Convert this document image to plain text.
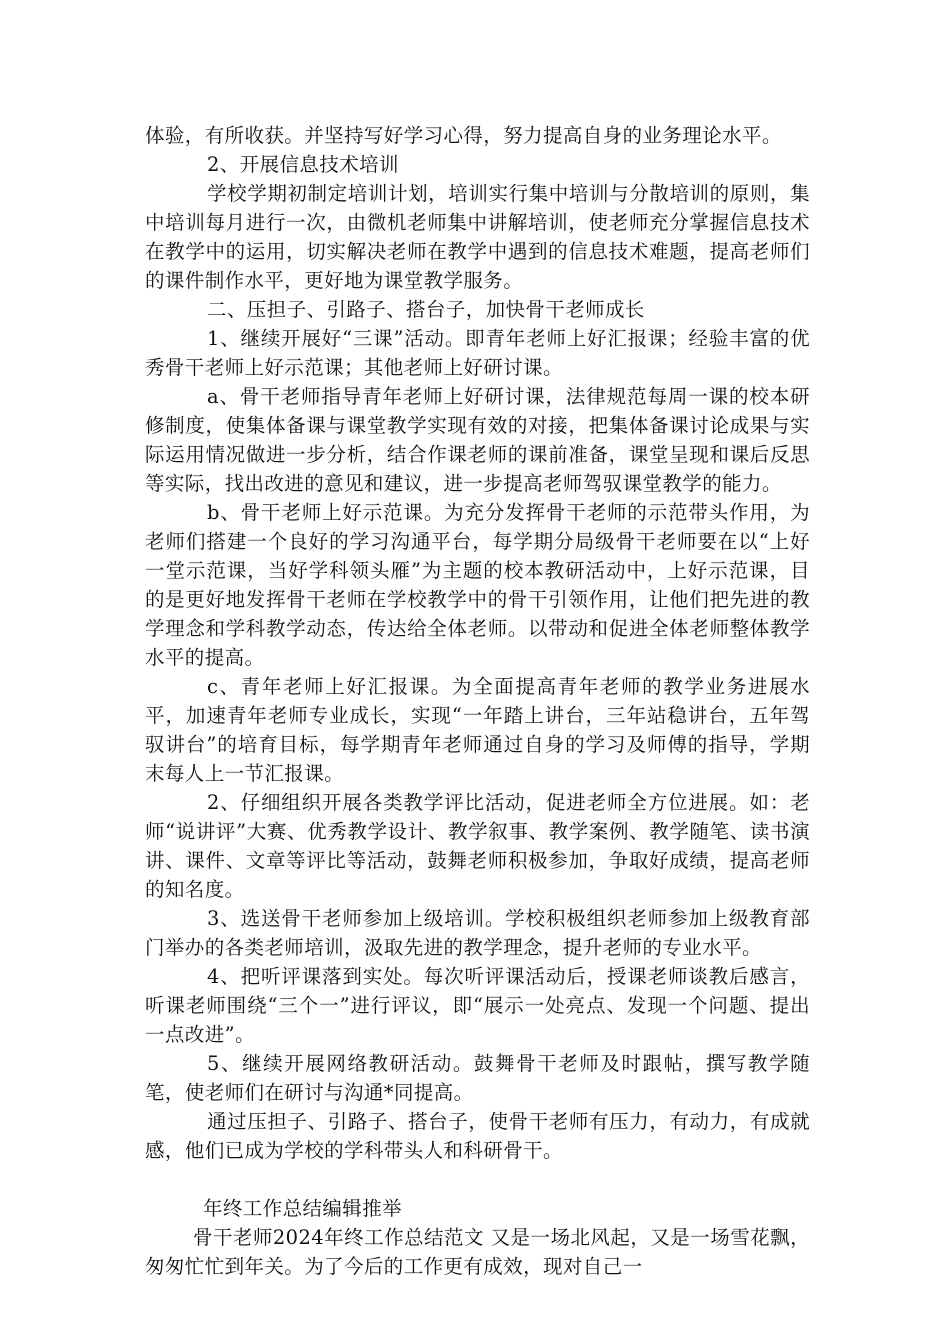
体验，有所收获。并坚持写好学习心得，努力提高自身的业务理论水平。

2、开展信息技术培训

学校学期初制定培训计划，培训实行集中培训与分散培训的原则，集中培训每月进行一次，由微机老师集中讲解培训，使老师充分掌握信息技术在教学中的运用，切实解决老师在教学中遇到的信息技术难题，提高老师们的课件制作水平，更好地为课堂教学服务。

二、压担子、引路子、搭台子，加快骨干老师成长

1、继续开展好“三课”活动。即青年老师上好汇报课；经验丰富的优秀骨干老师上好示范课；其他老师上好研讨课。

a、骨干老师指导青年老师上好研讨课，法律规范每周一课的校本研修制度，使集体备课与课堂教学实现有效的对接，把集体备课讨论成果与实际运用情况做进一步分析，结合作课老师的课前准备，课堂呈现和课后反思等实际，找出改进的意见和建议，进一步提高老师驾驭课堂教学的能力。

b、骨干老师上好示范课。为充分发挥骨干老师的示范带头作用，为老师们搭建一个良好的学习沟通平台，每学期分局级骨干老师要在以“上好一堂示范课，当好学科领头雁”为主题的校本教研活动中，上好示范课，目的是更好地发挥骨干老师在学校教学中的骨干引领作用，让他们把先进的教学理念和学科教学动态，传达给全体老师。以带动和促进全体老师整体教学水平的提高。

c、青年老师上好汇报课。为全面提高青年老师的教学业务进展水平，加速青年老师专业成长，实现“一年踏上讲台，三年站稳讲台，五年驾驭讲台”的培育目标，每学期青年老师通过自身的学习及师傅的指导，学期末每人上一节汇报课。

2、仔细组织开展各类教学评比活动，促进老师全方位进展。如：老师“说讲评”大赛、优秀教学设计、教学叙事、教学案例、教学随笔、读书演讲、课件、文章等评比等活动，鼓舞老师积极参加，争取好成绩，提高老师的知名度。

3、选送骨干老师参加上级培训。学校积极组织老师参加上级教育部门举办的各类老师培训，汲取先进的教学理念，提升老师的专业水平。

4、把听评课落到实处。每次听评课活动后，授课老师谈教后感言，听课老师围绕“三个一”进行评议，即“展示一处亮点、发现一个问题、提出一点改进”。

5、继续开展网络教研活动。鼓舞骨干老师及时跟帖，撰写教学随笔，使老师们在研讨与沟通*同提高。

通过压担子、引路子、搭台子，使骨干老师有压力，有动力，有成就感，他们已成为学校的学科带头人和科研骨干。

年终工作总结编辑推举

骨干老师2024年终工作总结范文 又是一场北风起，又是一场雪花飘，匆匆忙忙到年关。为了今后的工作更有成效，现对自己一
